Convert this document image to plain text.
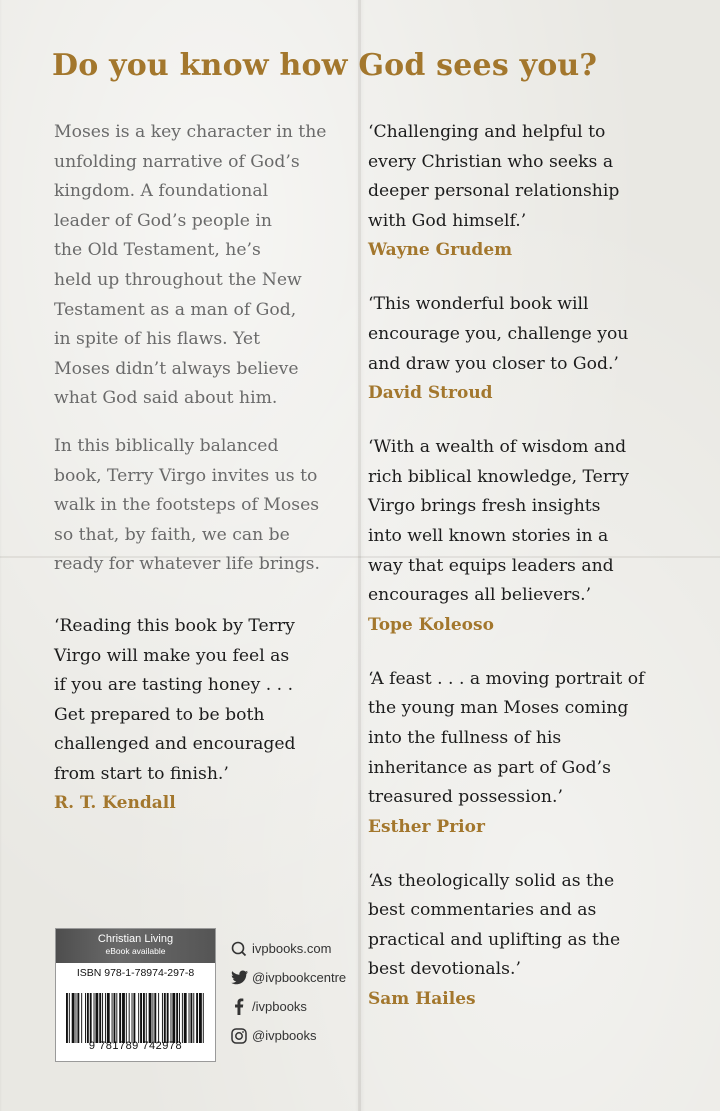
Do you know how God sees you?
Moses is a key character in the
unfolding narrative of God’s
kingdom. A foundational
leader of God’s people in
the Old Testament, he’s
held up throughout the New
Testament as a man of God,
in spite of his flaws. Yet
Moses didn’t always believe
what God said about him.
In this biblically balanced
book, Terry Virgo invites us to
walk in the footsteps of Moses
so that, by faith, we can be
ready for whatever life brings.
‘Reading this book by Terry
Virgo will make you feel as
if you are tasting honey . . .
Get prepared to be both
challenged and encouraged
from start to finish.’
R. T. Kendall
‘Challenging and helpful to
every Christian who seeks a
deeper personal relationship
with God himself.’
Wayne Grudem
‘This wonderful book will
encourage you, challenge you
and draw you closer to God.’
David Stroud
‘With a wealth of wisdom and
rich biblical knowledge, Terry
Virgo brings fresh insights
into well known stories in a
way that equips leaders and
encourages all believers.’
Tope Koleoso
‘A feast . . . a moving portrait of
the young man Moses coming
into the fullness of his
inheritance as part of God’s
treasured possession.’
Esther Prior
‘As theologically solid as the
best commentaries and as
practical and uplifting as the
best devotionals.’
Sam Hailes
Christian Living
eBook available
ISBN 978-1-78974-297-8
9 781789 742978
ivpbooks.com
@ivpbookcentre
/ivpbooks
@ivpbooks
